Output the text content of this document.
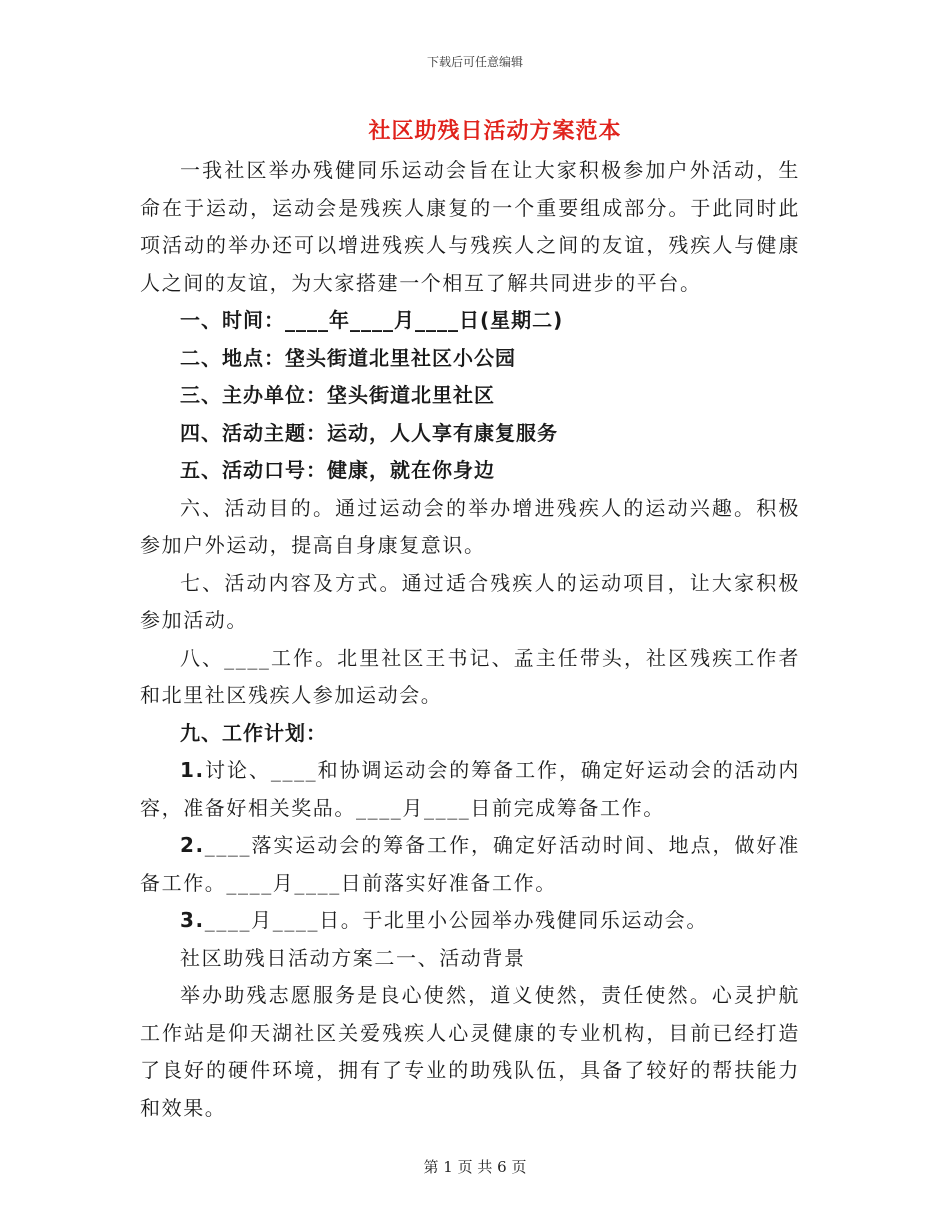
下载后可任意编辑
社区助残日活动方案范本

一我社区举办残健同乐运动会旨在让大家积极参加户外活动，生命在于运动，运动会是残疾人康复的一个重要组成部分。于此同时此项活动的举办还可以增进残疾人与残疾人之间的友谊，残疾人与健康人之间的友谊，为大家搭建一个相互了解共同进步的平台。

一、时间：____年____月____日(星期二)

二、地点：垡头街道北里社区小公园

三、主办单位：垡头街道北里社区

四、活动主题：运动，人人享有康复服务

五、活动口号：健康，就在你身边

六、活动目的。通过运动会的举办增进残疾人的运动兴趣。积极参加户外运动，提高自身康复意识。

七、活动内容及方式。通过适合残疾人的运动项目，让大家积极参加活动。

八、____工作。北里社区王书记、孟主任带头，社区残疾工作者和北里社区残疾人参加运动会。

九、工作计划：

1.讨论、____和协调运动会的筹备工作，确定好运动会的活动内容，准备好相关奖品。____月____日前完成筹备工作。

2.____落实运动会的筹备工作，确定好活动时间、地点，做好准备工作。____月____日前落实好准备工作。

3.____月____日。于北里小公园举办残健同乐运动会。

社区助残日活动方案二一、活动背景

举办助残志愿服务是良心使然，道义使然，责任使然。心灵护航工作站是仰天湖社区关爱残疾人心灵健康的专业机构，目前已经打造了良好的硬件环境，拥有了专业的助残队伍，具备了较好的帮扶能力和效果。

第 1 页 共 6 页
